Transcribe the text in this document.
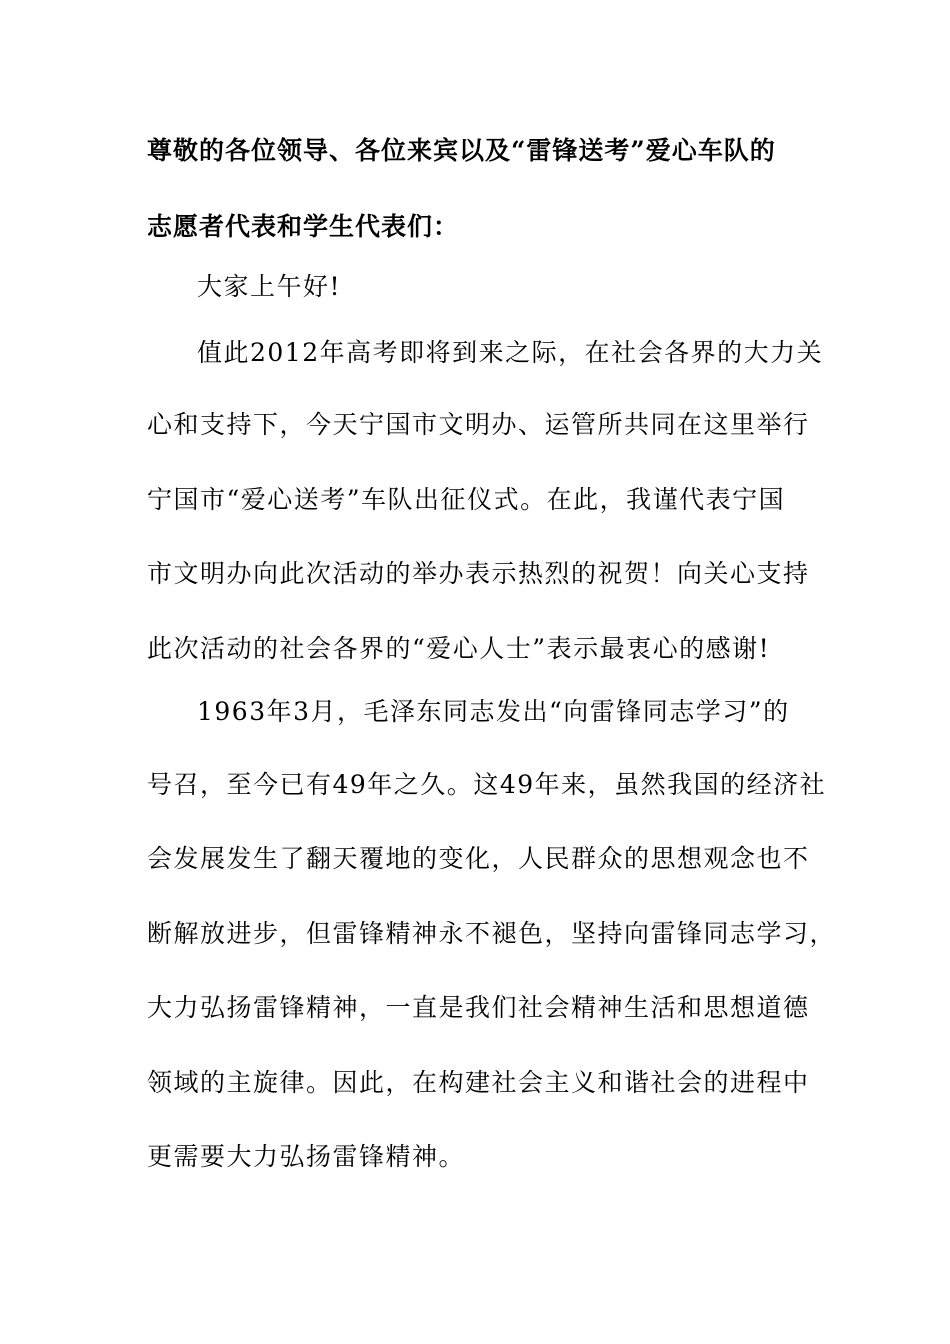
尊敬的各位领导、各位来宾以及“雷锋送考”爱心车队的
志愿者代表和学生代表们：
大家上午好!
值此2012年高考即将到来之际，在社会各界的大力关
心和支持下，今天宁国市文明办、运管所共同在这里举行
宁国市“爱心送考”车队出征仪式。在此，我谨代表宁国
市文明办向此次活动的举办表示热烈的祝贺！向关心支持
此次活动的社会各界的“爱心人士”表示最衷心的感谢!
1963年3月，毛泽东同志发出“向雷锋同志学习”的
号召，至今已有49年之久。这49年来，虽然我国的经济社
会发展发生了翻天覆地的变化，人民群众的思想观念也不
断解放进步，但雷锋精神永不褪色，坚持向雷锋同志学习，
大力弘扬雷锋精神，一直是我们社会精神生活和思想道德
领域的主旋律。因此，在构建社会主义和谐社会的进程中
更需要大力弘扬雷锋精神。
